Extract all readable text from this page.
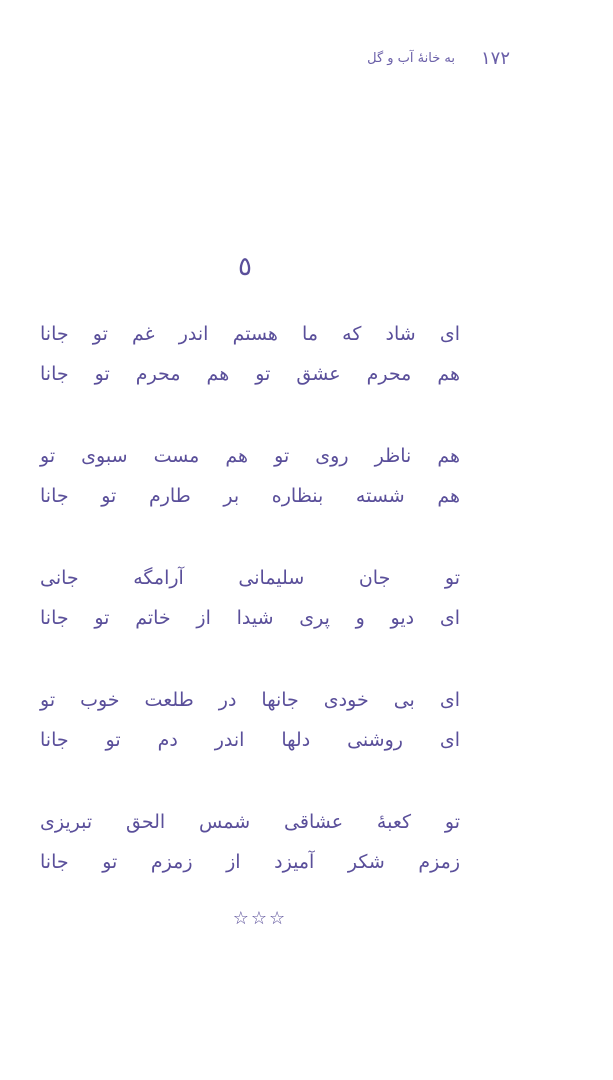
۱۷۲
به خانهٔ آب و گل
٥
ای شاد که ما هستم اندر غم تو جانا
هم محرم عشق تو هم محرم تو جانا
هم ناظر روی تو هم مست سبوی تو
هم شسته بنظاره بر طارم تو جانا
تو جان سلیمانی آرامگه جانی
ای دیو و پری شیدا از خاتم تو جانا
ای بی خودی جانها در طلعت خوب تو
ای روشنی دلها اندر دم تو جانا
تو کعبهٔ عشاقی شمس الحق تبریزی
زمزم شکر آمیزد از زمزم تو جانا
☆☆☆
